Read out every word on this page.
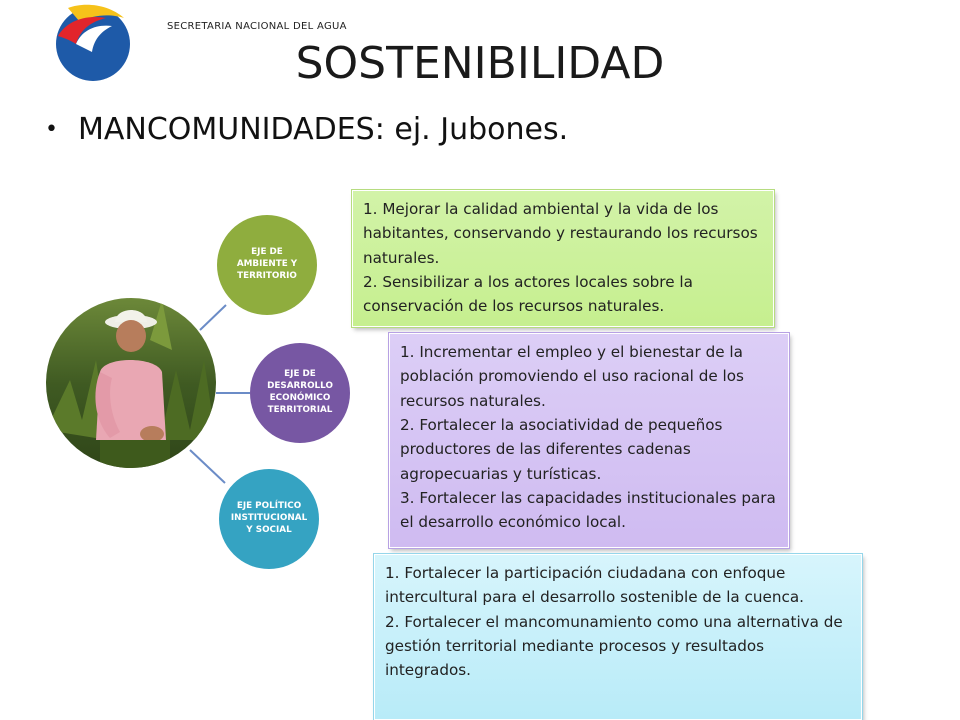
SECRETARIA NACIONAL DEL AGUA
SOSTENIBILIDAD
• MANCOMUNIDADES: ej. Jubones.
EJE DE AMBIENTE Y TERRITORIO
EJE DE DESARROLLO ECONÓMICO TERRITORIAL
EJE POLÍTICO INSTITUCIONAL Y SOCIAL

1. Mejorar la calidad ambiental y la vida de los habitantes, conservando y restaurando los recursos naturales.

2. Sensibilizar a los actores locales sobre la conservación de los recursos naturales.

1. Incrementar el empleo y el bienestar de la población promoviendo el uso racional de los recursos naturales.

2. Fortalecer la asociatividad de pequeños productores de las diferentes cadenas agropecuarias y turísticas.

3. Fortalecer las capacidades institucionales para el desarrollo económico local.

1. Fortalecer la participación ciudadana con enfoque intercultural para el desarrollo sostenible de la cuenca.

2. Fortalecer el mancomunamiento como una alternativa de gestión territorial mediante procesos y resultados integrados.
